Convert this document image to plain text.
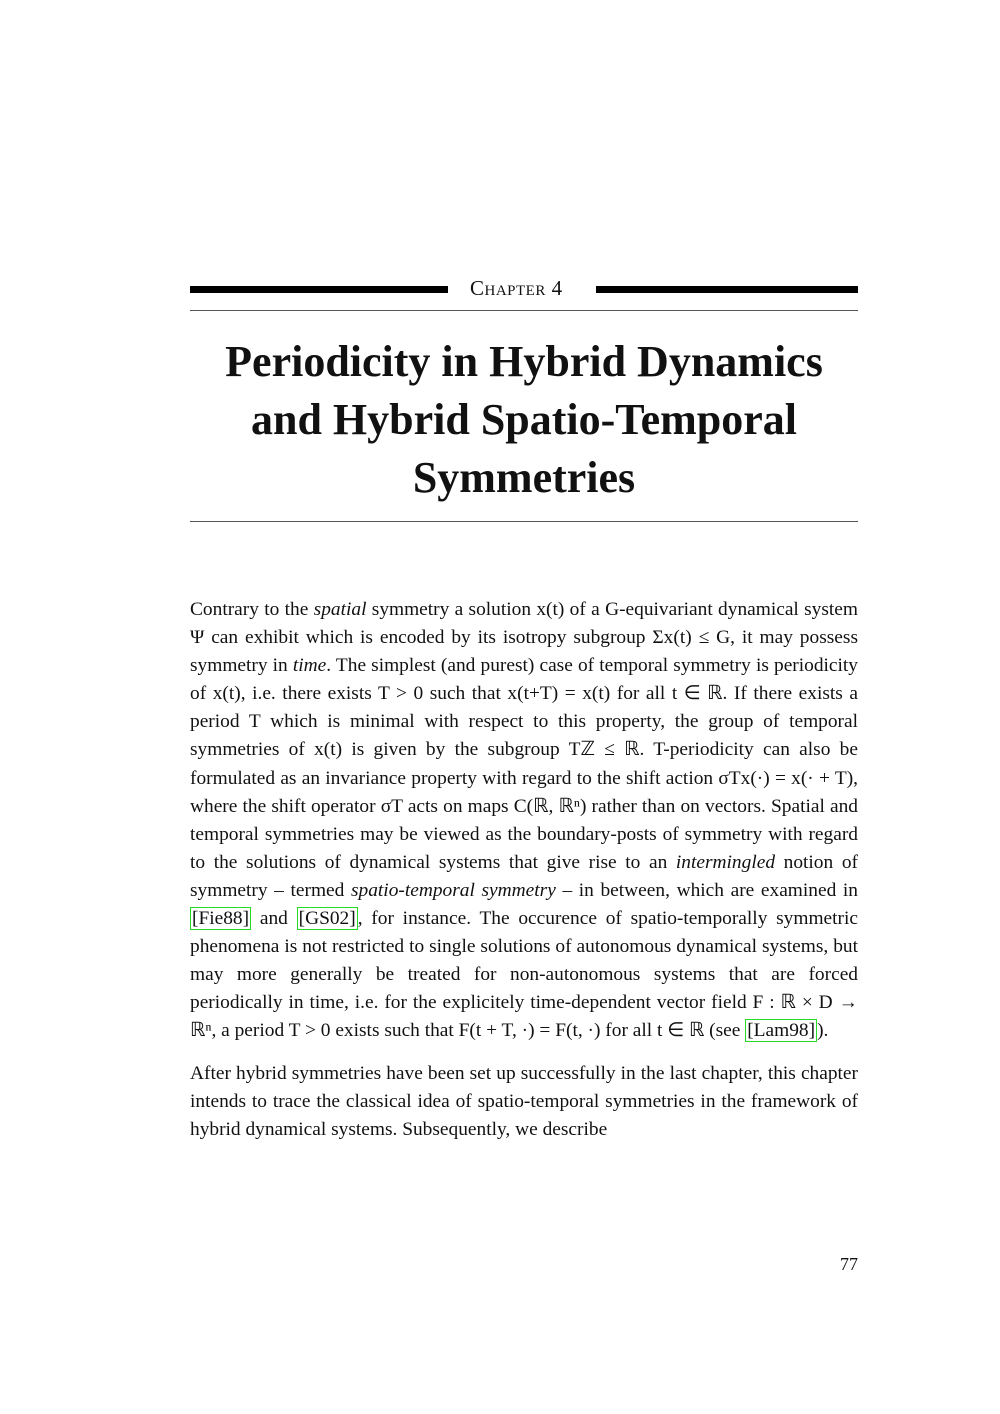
Chapter 4
Periodicity in Hybrid Dynamics
and Hybrid Spatio-Temporal
Symmetries

Contrary to the spatial symmetry a solution x(t) of a G-equivariant dynamical system Ψ can exhibit which is encoded by its isotropy subgroup Σx(t) ≤ G, it may possess symmetry in time. The simplest (and purest) case of temporal symmetry is periodicity of x(t), i.e. there exists T > 0 such that x(t+T) = x(t) for all t ∈ ℝ. If there exists a period T which is minimal with respect to this property, the group of temporal symmetries of x(t) is given by the subgroup Tℤ ≤ ℝ. T-periodicity can also be formulated as an invariance property with regard to the shift action σTx(·) = x(· + T), where the shift operator σT acts on maps C(ℝ, ℝⁿ) rather than on vectors. Spatial and temporal symmetries may be viewed as the boundary-posts of symmetry with regard to the solutions of dynamical systems that give rise to an intermingled notion of symmetry – termed spatio-temporal symmetry – in between, which are examined in [Fie88] and [GS02] , for instance. The occurence of spatio-temporally symmetric phenomena is not restricted to single solutions of autonomous dynamical systems, but may more generally be treated for non-autonomous systems that are forced periodically in time, i.e. for the explicitely time-dependent vector field F : ℝ × D → ℝⁿ, a period T > 0 exists such that F(t + T, ·) = F(t, ·) for all t ∈ ℝ (see [Lam98] ).

After hybrid symmetries have been set up successfully in the last chapter, this chapter intends to trace the classical idea of spatio-temporal symmetries in the framework of hybrid dynamical systems. Subsequently, we describe

77
